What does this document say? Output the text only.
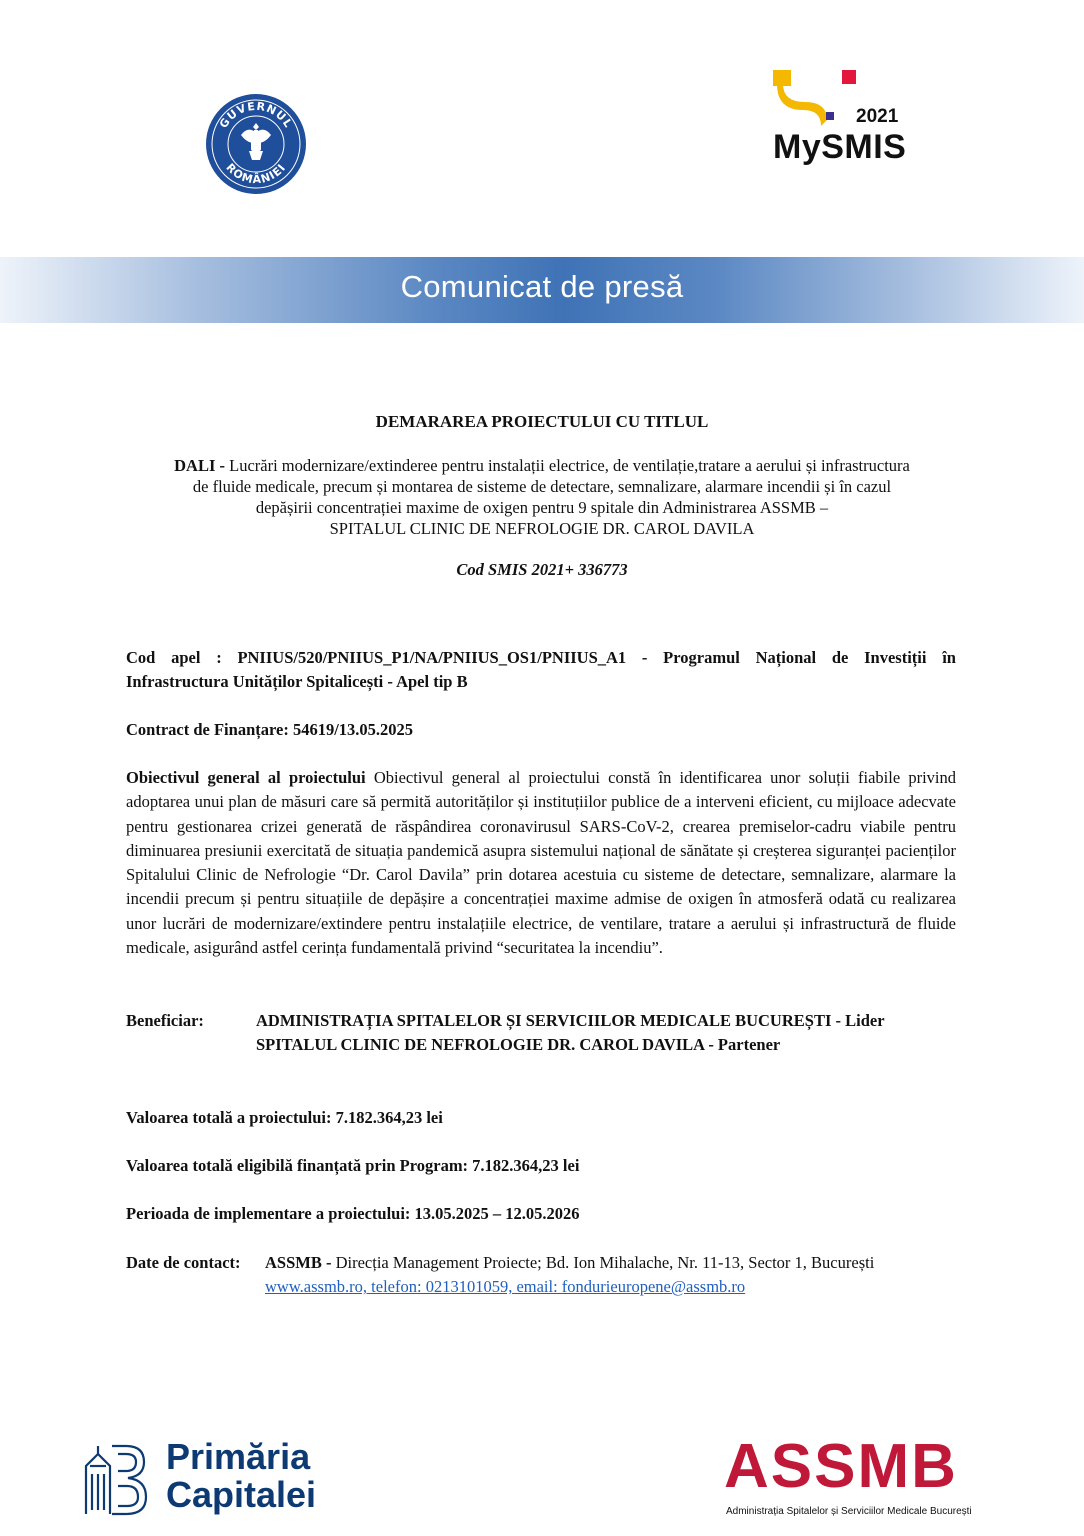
GUVERNUL
ROMÂNIEI
2021
MySMIS
Comunicat de presă
DEMARAREA PROIECTULUI CU TITLUL
DALI - Lucrări modernizare/extinderee pentru instalații electrice, de ventilație,tratare a aerului și infrastructura
de fluide medicale, precum și montarea de sisteme de detectare, semnalizare, alarmare incendii și în cazul
depășirii concentrației maxime de oxigen pentru 9 spitale din Administrarea ASSMB –
SPITALUL CLINIC DE NEFROLOGIE DR. CAROL DAVILA
Cod SMIS 2021+ 336773
Cod apel : PNIIUS/520/PNIIUS_P1/NA/PNIIUS_OS1/PNIIUS_A1 - Programul Național de Investiții în Infrastructura Unităților Spitalicești - Apel tip B
Contract de Finanțare: 54619/13.05.2025
Obiectivul general al proiectului Obiectivul general al proiectului constă în identificarea unor soluții fiabile privind adoptarea unui plan de măsuri care să permită autorităților și instituțiilor publice de a interveni eficient, cu mijloace adecvate pentru gestionarea crizei generată de răspândirea coronavirusul SARS-CoV-2, crearea premiselor-cadru viabile pentru diminuarea presiunii exercitată de situația pandemică asupra sistemului național de sănătate și creșterea siguranței pacienților Spitalului Clinic de Nefrologie “Dr. Carol Davila” prin dotarea acestuia cu sisteme de detectare, semnalizare, alarmare la incendii precum și pentru situațiile de depășire a concentrației maxime admise de oxigen în atmosferă odată cu realizarea unor lucrări de modernizare/extindere pentru instalațiile electrice, de ventilare, tratare a aerului și infrastructură de fluide medicale, asigurând astfel cerința fundamentală privind “securitatea la incendiu”.
Beneficiar:	ADMINISTRAȚIA SPITALELOR ȘI SERVICIILOR MEDICALE BUCUREȘTI - Lider
SPITALUL CLINIC DE NEFROLOGIE DR. CAROL DAVILA - Partener
Valoarea totală a proiectului: 7.182.364,23 lei
Valoarea totală eligibilă finanțată prin Program: 7.182.364,23 lei
Perioada de implementare a proiectului: 13.05.2025 – 12.05.2026
Date de contact: ASSMB - Direcția Management Proiecte; Bd. Ion Mihalache, Nr. 11-13, Sector 1, București
www.assmb.ro, telefon: 0213101059, email: fondurieuropene@assmb.ro
Primăria
Capitalei	ASSMB
Administrația Spitalelor și Serviciilor Medicale București
